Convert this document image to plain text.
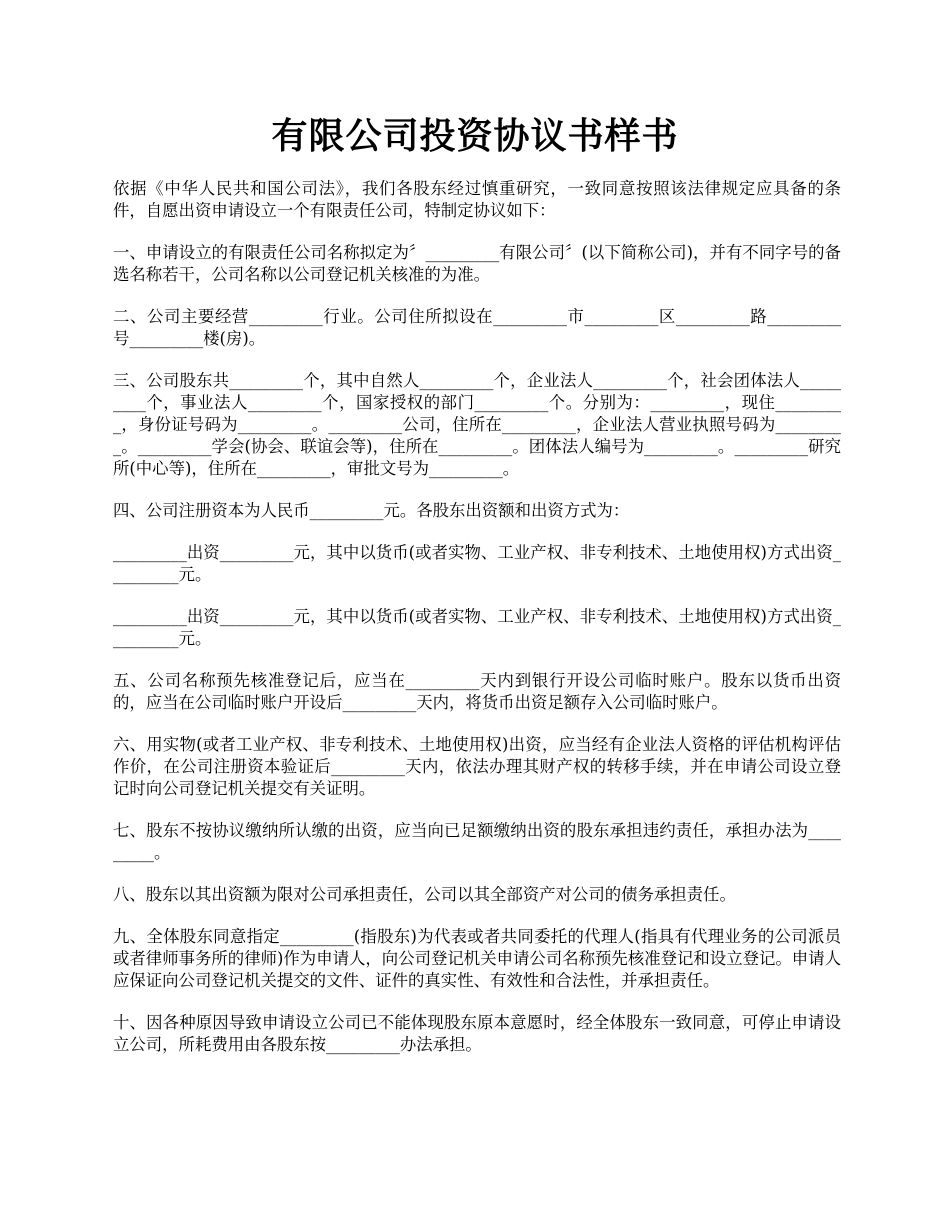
有限公司投资协议书样书

依据《中华人民共和国公司法》，我们各股东经过慎重研究，一致同意按照该法律规定应具备的条件，自愿出资申请设立一个有限责任公司，特制定协议如下：

一、申请设立的有限责任公司名称拟定为〞_________有限公司〞(以下简称公司)，并有不同字号的备选名称若干，公司名称以公司登记机关核准的为准。

二、公司主要经营_________行业。公司住所拟设在_________市_________区_________路_________号_________楼(房)。

三、公司股东共_________个，其中自然人_________个，企业法人_________个，社会团体法人_________个，事业法人_________个，国家授权的部门_________个。分别为：_________，现住_________，身份证号码为_________。_________公司，住所在_________，企业法人营业执照号码为_________。_________学会(协会、联谊会等)，住所在_________。团体法人编号为_________。_________研究所(中心等)，住所在_________，审批文号为_________。

四、公司注册资本为人民币_________元。各股东出资额和出资方式为：

_________出资_________元，其中以货币(或者实物、工业产权、非专利技术、土地使用权)方式出资_________元。

_________出资_________元，其中以货币(或者实物、工业产权、非专利技术、土地使用权)方式出资_________元。

五、公司名称预先核准登记后，应当在_________天内到银行开设公司临时账户。股东以货币出资的，应当在公司临时账户开设后_________天内，将货币出资足额存入公司临时账户。

六、用实物(或者工业产权、非专利技术、土地使用权)出资，应当经有企业法人资格的评估机构评估作价，在公司注册资本验证后_________天内，依法办理其财产权的转移手续，并在申请公司设立登记时向公司登记机关提交有关证明。

七、股东不按协议缴纳所认缴的出资，应当向已足额缴纳出资的股东承担违约责任，承担办法为_________。

八、股东以其出资额为限对公司承担责任，公司以其全部资产对公司的债务承担责任。

九、全体股东同意指定_________(指股东)为代表或者共同委托的代理人(指具有代理业务的公司派员或者律师事务所的律师)作为申请人，向公司登记机关申请公司名称预先核准登记和设立登记。申请人应保证向公司登记机关提交的文件、证件的真实性、有效性和合法性，并承担责任。

十、因各种原因导致申请设立公司已不能体现股东原本意愿时，经全体股东一致同意，可停止申请设立公司，所耗费用由各股东按_________办法承担。
